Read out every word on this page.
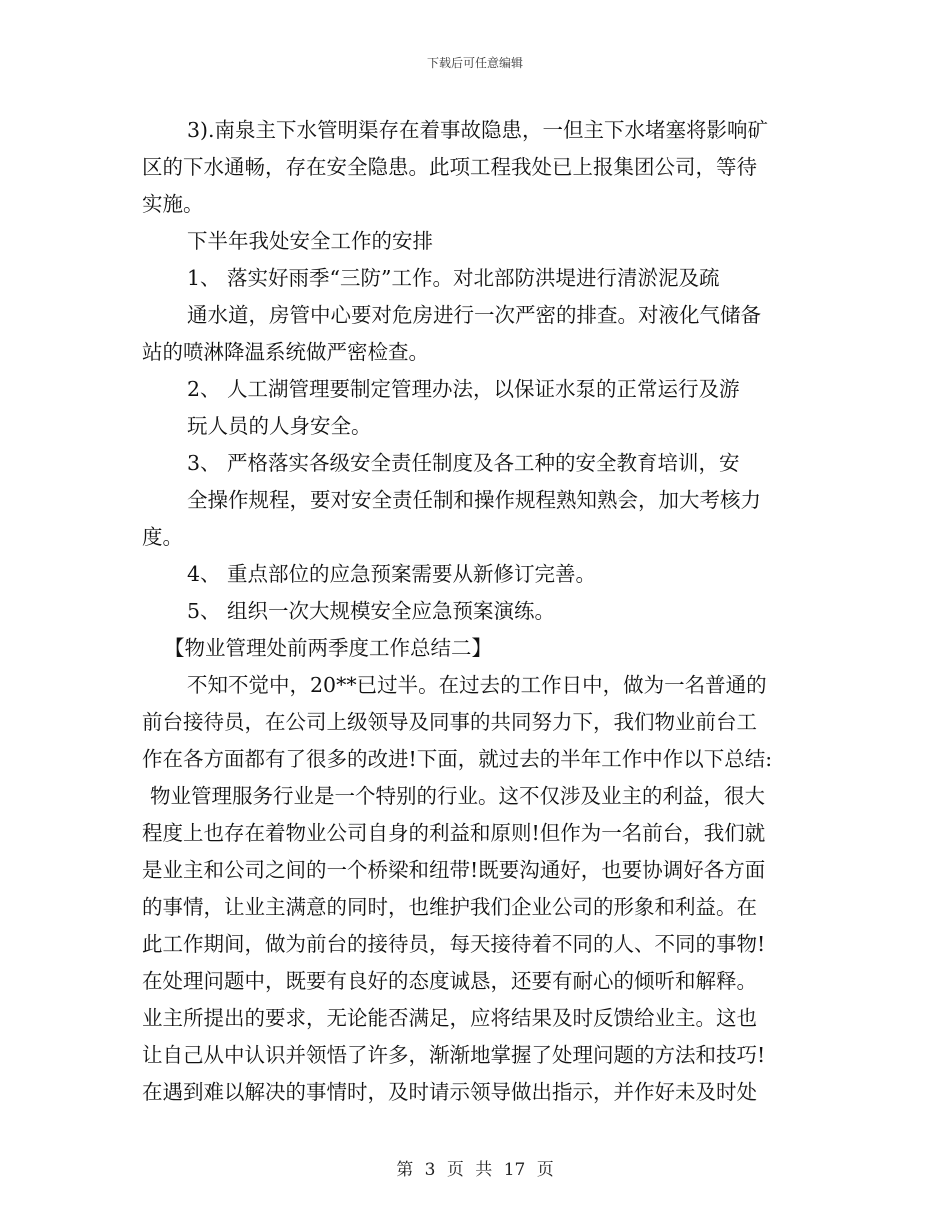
下载后可任意编辑
3).南泉主下水管明渠存在着事故隐患，一但主下水堵塞将影响矿
区的下水通畅，存在安全隐患。此项工程我处已上报集团公司，等待
实施。
下半年我处安全工作的安排
1、 落实好雨季“三防”工作。对北部防洪堤进行清淤泥及疏
通水道，房管中心要对危房进行一次严密的排查。对液化气储备
站的喷淋降温系统做严密检查。
2、 人工湖管理要制定管理办法，以保证水泵的正常运行及游
玩人员的人身安全。
3、 严格落实各级安全责任制度及各工种的安全教育培训，安
全操作规程，要对安全责任制和操作规程熟知熟会，加大考核力
度。
4、 重点部位的应急预案需要从新修订完善。
5、 组织一次大规模安全应急预案演练。
【物业管理处前两季度工作总结二】
不知不觉中，20**已过半。在过去的工作日中，做为一名普通的
前台接待员，在公司上级领导及同事的共同努力下，我们物业前台工
作在各方面都有了很多的改进!下面，就过去的半年工作中作以下总结:
物业管理服务行业是一个特别的行业。这不仅涉及业主的利益，很大
程度上也存在着物业公司自身的利益和原则!但作为一名前台，我们就
是业主和公司之间的一个桥梁和纽带!既要沟通好，也要协调好各方面
的事情，让业主满意的同时，也维护我们企业公司的形象和利益。在
此工作期间，做为前台的接待员，每天接待着不同的人、不同的事物!
在处理问题中，既要有良好的态度诚恳，还要有耐心的倾听和解释。
业主所提出的要求，无论能否满足，应将结果及时反馈给业主。这也
让自己从中认识并领悟了许多，渐渐地掌握了处理问题的方法和技巧!
在遇到难以解决的事情时，及时请示领导做出指示，并作好未及时处
第 3 页 共 17 页
